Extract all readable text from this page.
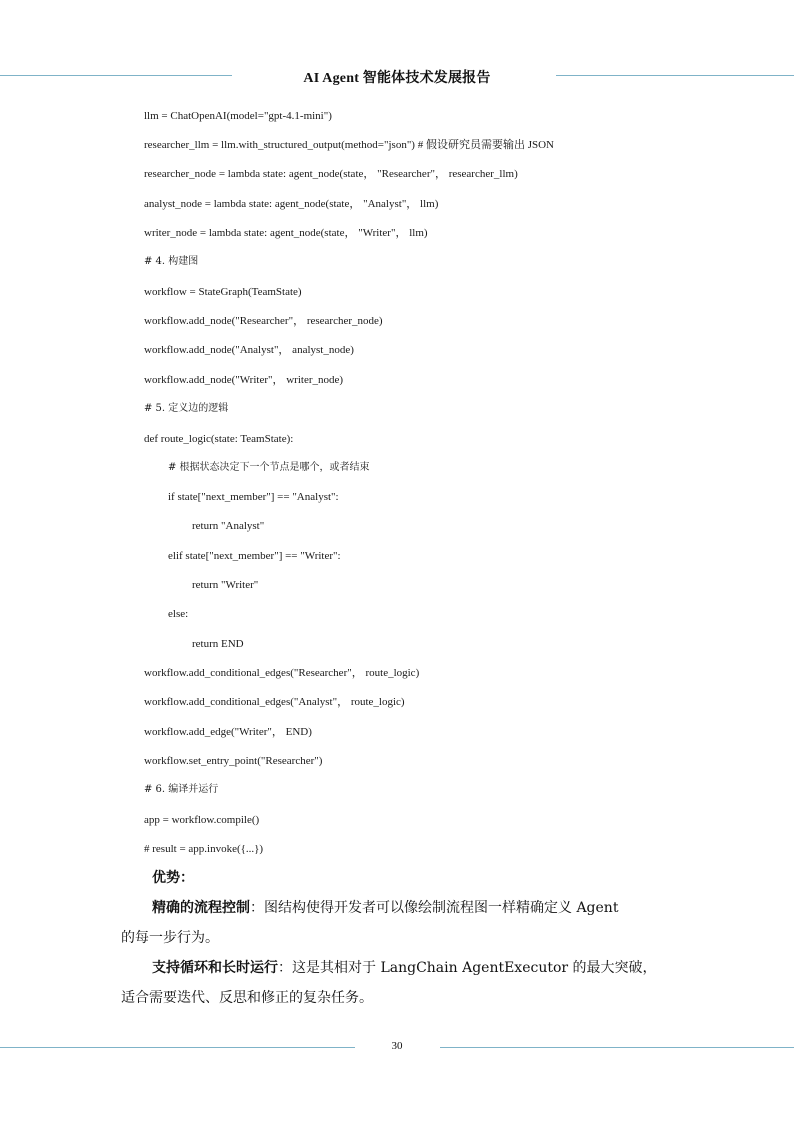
AI Agent 智能体技术发展报告
llm = ChatOpenAI(model="gpt-4.1-mini")
researcher_llm = llm.with_structured_output(method="json") # 假设研究员需要输出 JSON
researcher_node = lambda state: agent_node(state， "Researcher"， researcher_llm)
analyst_node = lambda state: agent_node(state， "Analyst"， llm)
writer_node = lambda state: agent_node(state， "Writer"， llm)
# 4. 构建图
workflow = StateGraph(TeamState)
workflow.add_node("Researcher"， researcher_node)
workflow.add_node("Analyst"， analyst_node)
workflow.add_node("Writer"， writer_node)
# 5. 定义边的逻辑
def route_logic(state: TeamState):
# 根据状态决定下一个节点是哪个，或者结束
if state["next_member"] == "Analyst":
return "Analyst"
elif state["next_member"] == "Writer":
return "Writer"
else:
return END
workflow.add_conditional_edges("Researcher"， route_logic)
workflow.add_conditional_edges("Analyst"， route_logic)
workflow.add_edge("Writer"， END)
workflow.set_entry_point("Researcher")
# 6. 编译并运行
app = workflow.compile()
# result = app.invoke({...})
优势：
精确的流程控制：图结构使得开发者可以像绘制流程图一样精确定义 Agent
的每一步行为。
支持循环和长时运行：这是其相对于 LangChain AgentExecutor 的最大突破，
适合需要迭代、反思和修正的复杂任务。
30
